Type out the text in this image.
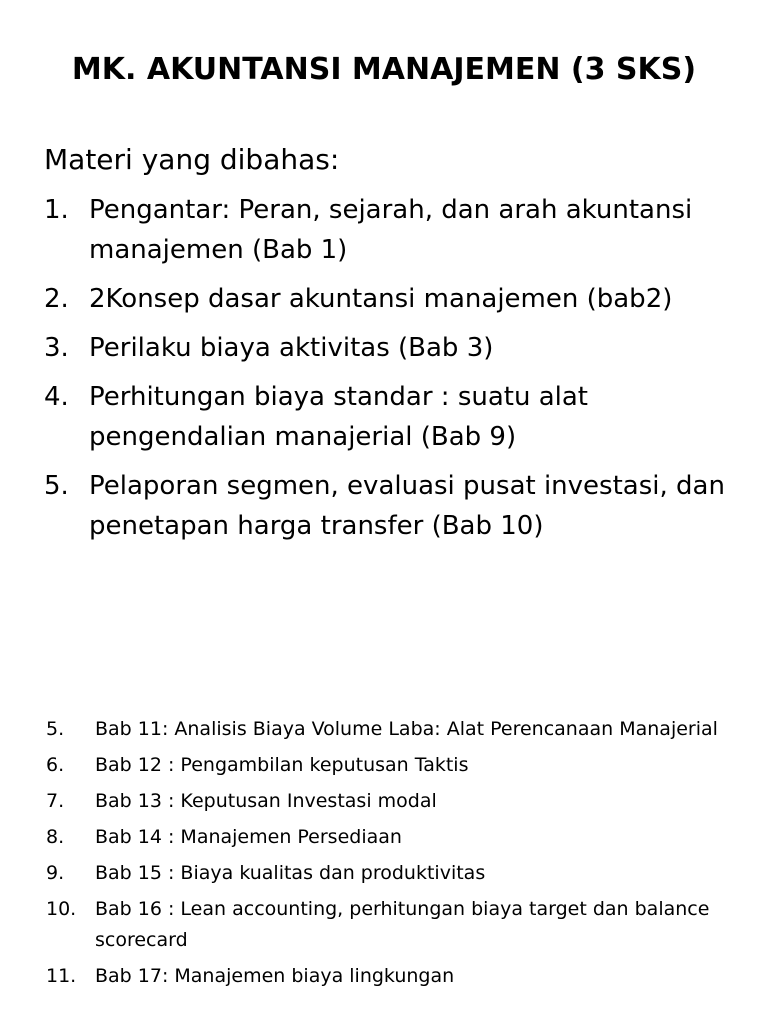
MK. AKUNTANSI MANAJEMEN (3 SKS)
Materi yang dibahas:
1. Pengantar: Peran, sejarah, dan arah akuntansi manajemen (Bab 1)
2. 2Konsep dasar akuntansi manajemen (bab2)
3. Perilaku biaya aktivitas (Bab 3)
4. Perhitungan biaya standar : suatu alat pengendalian manajerial (Bab 9)
5. Pelaporan segmen, evaluasi pusat investasi, dan penetapan harga transfer (Bab 10)
5. Bab 11: Analisis Biaya Volume Laba: Alat Perencanaan Manajerial
6. Bab 12 : Pengambilan keputusan Taktis
7. Bab 13 : Keputusan Investasi modal
8. Bab 14 : Manajemen Persediaan
9. Bab 15 : Biaya kualitas dan produktivitas
10. Bab 16 : Lean accounting, perhitungan biaya target dan balance scorecard
11. Bab 17: Manajemen biaya lingkungan
